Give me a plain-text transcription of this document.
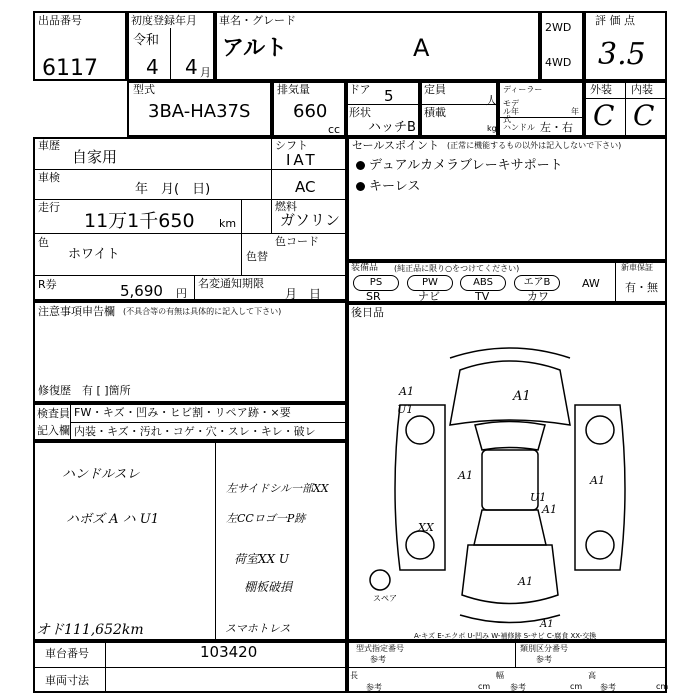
出品番号
6117
初度登録年月
令和
4 4 月
車名・グレード
アルト	A
2WD
4WD
評 価 点
3.5
型式
3BA-HA37S
排気量
660
cc
ドア 5
形状
ハッチB
定員
人
積載
kg
ディーラー
年
モデル年式
ハンドル 左・右
外装 内装
C C
車歴
自家用
シフト
IAT
車検
年　月(　日)	AC
走行
11万1千650 km
燃料
ガソリン
色
ホワイト	色替
色コード
R券	5,690 円
名変通知期限
月　日
セールスポイント (正常に機能するもの以外は記入しないで下さい)
デュアルカメラブレーキサポート
キーレス
装備品 (純正品に限り○をつけてください)	新車保証
有・無
PS	PW	ABS	エアB	AW
SR	ナビ	TV	カワ
後日品
注意事項申告欄 (不具合等の有無は具体的に記入して下さい)
修復歴 有 [ ]箇所
検査員
記入欄
FW・キズ・凹み・ヒビ割・リペア跡・×要
内装・キズ・汚れ・コゲ・穴・スレ・キレ・破レ
ハンドルスレ
ハボズ A ハ U1
左サイドシル一部XX
左CCロゴ一P跡
荷室XX U
棚板破損
オド111,652km	スマホトレス
A1
A1
U1
A1	A1
U1
A1
XX
A1
A1
スペア
A-キズ E-エクボ U-凹み W-補修跡 S-サビ C-腐食 XX-交換
車台番号	103420
車両寸法
型式指定番号
参考
類別区分番号
参考
長
参考	cm
幅
参考	cm
高
参考	cm
